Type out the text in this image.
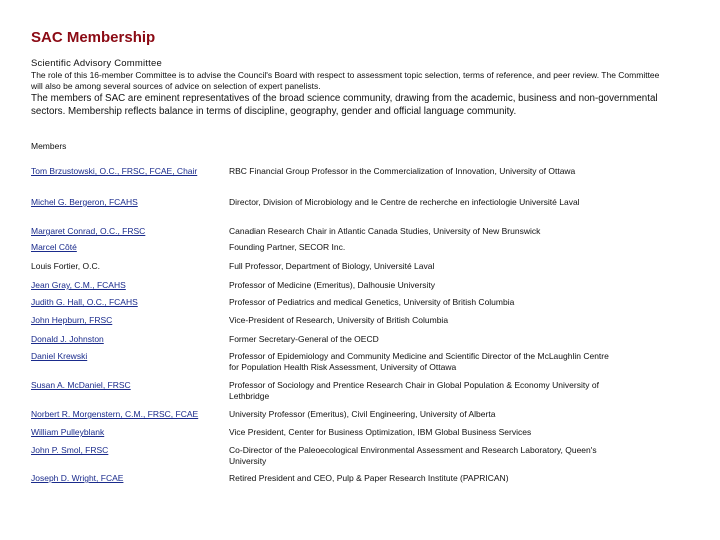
SAC Membership
Scientific Advisory Committee
The role of this 16-member Committee is to advise the Council's Board with respect to assessment topic selection, terms of reference, and peer review. The Committee will also be among several sources of advice on selection of expert panelists.
The members of SAC are eminent representatives of the broad science community, drawing from the academic, business and non-governmental sectors. Membership reflects balance in terms of discipline, geography, gender and official language community.
Members
Tom Brzustowski, O.C., FRSC, FCAE, Chair	RBC Financial Group Professor in the Commercialization of Innovation, University of Ottawa
Michel G. Bergeron, FCAHS	Director, Division of Microbiology and le Centre de recherche en infectiologie Université Laval
Margaret Conrad, O.C., FRSC	Canadian Research Chair in Atlantic Canada Studies, University of New Brunswick
Marcel Côté	Founding Partner, SECOR Inc.
Louis Fortier, O.C.	Full Professor, Department of Biology, Université Laval
Jean Gray, C.M., FCAHS	Professor of Medicine (Emeritus), Dalhousie University
Judith G. Hall, O.C., FCAHS	Professor of Pediatrics and medical Genetics, University of British Columbia
John Hepburn, FRSC	Vice-President of Research, University of British Columbia
Donald J. Johnston	Former Secretary-General of the OECD
Daniel Krewski	Professor of Epidemiology and Community Medicine and Scientific Director of the McLaughlin Centre for Population Health Risk Assessment, University of Ottawa
Susan A. McDaniel, FRSC	Professor of Sociology and Prentice Research Chair in Global Population & Economy University of Lethbridge
Norbert R. Morgenstern, C.M., FRSC, FCAE	University Professor (Emeritus), Civil Engineering, University of Alberta
William Pulleyblank	Vice President, Center for Business Optimization, IBM Global Business Services
John P. Smol, FRSC	Co-Director of the Paleoecological Environmental Assessment and Research Laboratory, Queen's University
Joseph D. Wright, FCAE	Retired President and CEO, Pulp & Paper Research Institute (PAPRICAN)
